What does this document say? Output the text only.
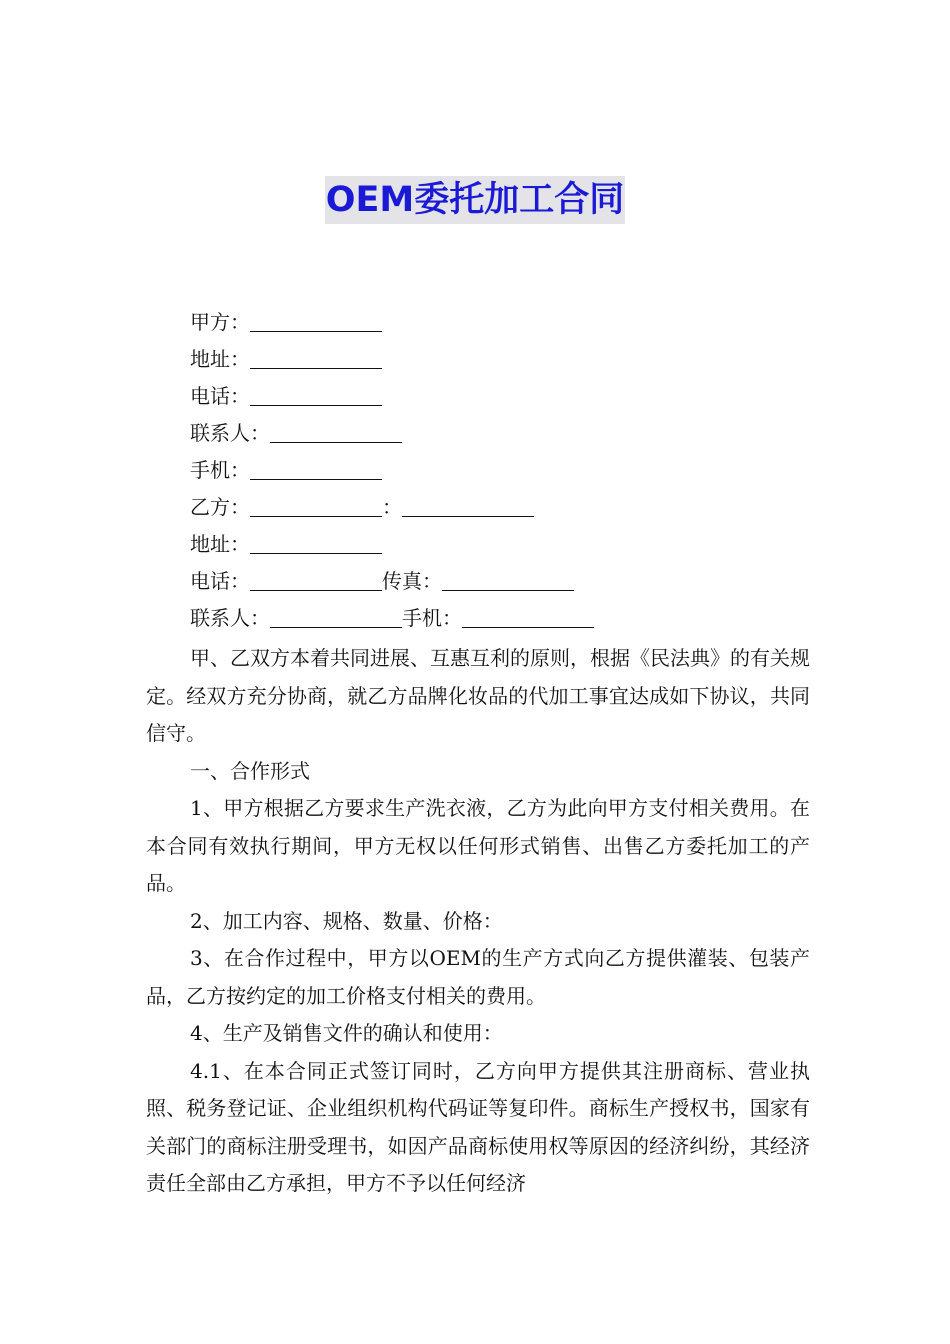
OEM委托加工合同
甲方：
地址：
电话：
联系人：
手机：
乙方：	：
地址：
电话：	传真：
联系人：	手机：

甲、乙双方本着共同进展、互惠互利的原则，根据《民法典》的有关规定。经双方充分协商，就乙方品牌化妆品的代加工事宜达成如下协议，共同信守。

一、合作形式

1、甲方根据乙方要求生产洗衣液，乙方为此向甲方支付相关费用。在本合同有效执行期间，甲方无权以任何形式销售、出售乙方委托加工的产品。

2、加工内容、规格、数量、价格：

3、在合作过程中，甲方以OEM的生产方式向乙方提供灌装、包装产品，乙方按约定的加工价格支付相关的费用。

4、生产及销售文件的确认和使用：

4.1、在本合同正式签订同时，乙方向甲方提供其注册商标、营业执照、税务登记证、企业组织机构代码证等复印件。商标生产授权书，国家有关部门的商标注册受理书，如因产品商标使用权等原因的经济纠纷，其经济责任全部由乙方承担，甲方不予以任何经济
